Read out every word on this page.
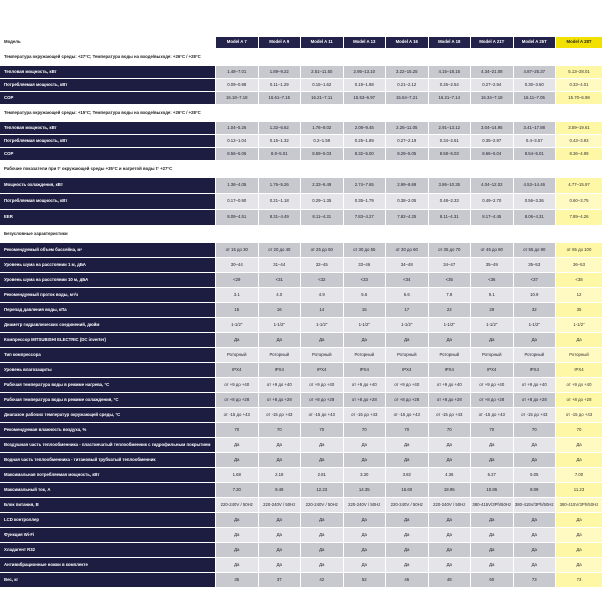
Модель	Model A 7	Model A 9	Model A 11	Model A 13	Model A 16	Model A 18	Model A 21T	Model A 25T	Model A 28T
Температура окружающей среды: +27°С; Температура воды на входе/выходе: +26°С / +28°С									
Тепловая мощность, кВт	1.48–7.01	1.89–9.22	2.51–11.50	2.95–13.10	3.22–15.25	4.15–18.15	4.34–21.08	4.87–25.37	5.13–28.01
Потребляемая мощность, кВт	0.09–0.98	0.11–1.29	0.15–1.62	0.19–1.88	0.21–2.12	0.26–2.54	0.27–2.94	0.30–3.60	0.33–4.01
COP	16.18–7.18	16.61–7.15	16.21–7.11	15.53–6.97	15.64–7.21	16.21–7.14	16.34–7.18	16.11–7.05	15.70–6.98
Температура окружающей среды: +15°С; Температура воды на входе/выходе: +26°С / +28°С									
Тепловая мощность, кВт	1.04–5.26	1.32–6.62	1.76–8.02	2.08–9.45	2.25–11.05	2.91–13.12	3.04–14.95	3.41–17.88	3.59–19.61
Потребляемая мощность, кВт	0.12–1.04	0.15–1.32	0.2–1.59	0.25–1.89	0.27–2.19	0.34–2.61	0.35–2.97	0.4–3.57	0.43–3.93
COP	8.56–5.06	8.8–5.01	8.59–5.03	8.32–5.00	8.29–5.05	8.58–5.03	8.66–5.04	8.54–5.01	8.36–4.99
Рабочие показатели при t° окружающей среды +35°С и нагретой воды t° +27°С									
Мощность охлаждения, кВт	1.38–4.05	1.76–5.26	2.33–6.49	2.74–7.65	2.99–8.69	3.86–10.35	4.04–12.02	4.53–14.46	4.77–15.97
Потребляемая мощность, кВт	0.17–0.90	0.21–1.18	0.29–1.35	0.35–1.79	0.38–2.05	0.48–2.33	0.49–2.70	0.56–3.36	0.60–3.75
EER	8.09–4.51	8.31–4.49	8.11–4.31	7.83–4.27	7.82–4.25	8.11–4.31	8.17–4.45	8.06–4.31	7.89–4.26
Безусловные характеристики									
Рекомендуемый объем бассейна, м³	от 15 до 30	от 20 до 40	от 25 до 50	от 30 до 55	от 30 до 60	от 35 до 70	от 45 до 80	от 55 до 90	от 65 до 100
Уровень шума на расстоянии 1 м, дБА	30–44	31–44	32–45	33–46	34–48	34–47	35–49	35–53	36–53
Уровень шума на расстоянии 10 м, дБА	<29	<31	<32	<33	<34	<35	<36	<37	<38
Рекомендуемый проток воды, м³/ч	3.1	4.0	4.9	5.6	6.6	7.8	9.1	10.9	12
Перепад давления воды, кПа	15	16	14	15	17	22	29	32	35
Диаметр гидравлических соединений, дюйм	1-1/2"	1-1/2"	1-1/2"	1-1/2"	1-1/2"	1-1/2"	1-1/2"	1-1/2"	1-1/2"
Компрессор MITSUBISHI ELECTRIC (DC inverter)	Да	Да	Да	Да	Да	Да	Да	Да	Да
Тип компрессора	Роторный	Роторный	Роторный	Роторный	Роторный	Роторный	Роторный	Роторный	Роторный
Уровень влагозащиты	IPX4	IPX4	IPX4	IPX4	IPX4	IPX4	IPX4	IPX4	IPX4
Рабочая температура воды в режиме нагрева, °С	от +9 до +40	от +9 до +40	от +9 до +40	от +9 до +40	от +9 до +40	от +9 до +40	от +9 до +40	от +9 до +40	от +9 до +40
Рабочая температура воды в режиме охлаждения, °С	от +8 до +28	от +8 до +28	от +8 до +28	от +8 до +28	от +8 до +28	от +8 до +28	от +8 до +28	от +8 до +28	от +8 до +28
Диапазон рабочих температур окружающей среды, °С	от -15 до +43	от -15 до +43	от -15 до +43	от -15 до +43	от -15 до +43	от -15 до +43	от -15 до +43	от -15 до +43	от -15 до +43
Рекомендуемая влажность воздуха, %	70	70	70	70	70	70	70	70	70
Воздушная часть теплообменника - пластинчатый теплообменник с гидрофильным покрытием	Да	Да	Да	Да	Да	Да	Да	Да	Да
Водная часть теплообменника - титановый трубчатый теплообменник	Да	Да	Да	Да	Да	Да	Да	Да	Да
Максимальная потребляемая мощность, кВт	1.68	2.18	2.81	3.30	3.82	4.36	6.27	5.05	7.00
Максимальный ток, A	7.30	9.49	12.23	14.35	16.60	18.95	10.86	8.09	11.23
Блок питания, В	220-240V / 50Hz	220-240V / 50Hz	220-240V / 50Hz	220-240V / 50Hz	220-240V / 50Hz	220-240V / 50Hz	380-415V/3Ph/50Hz	380-415V/3Ph/50Hz	380-415V/3Ph/50Hz
LCD контроллер	Да	Да	Да	Да	Да	Да	Да	Да	Да
Функция Wi-Fi	Да	Да	Да	Да	Да	Да	Да	Да	Да
Хладагент R32	Да	Да	Да	Да	Да	Да	Да	Да	Да
Антивибрационные ножки в комплекте	Да	Да	Да	Да	Да	Да	Да	Да	Да
Вес, кг	35	37	42	52	46	48	60	73	73
